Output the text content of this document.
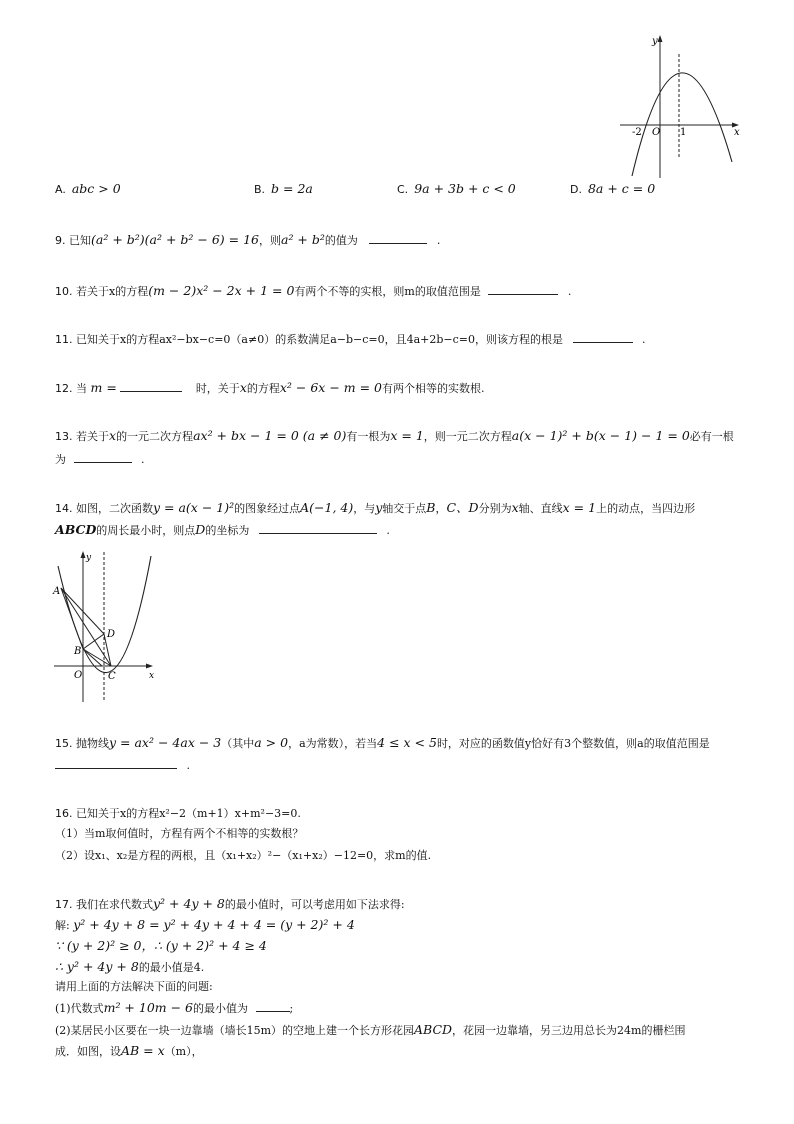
y
x
O
-2	1
A. abc > 0	B. b = 2a	C. 9a + 3b + c < 0	D. 8a + c = 0
9. 已知(a² + b²)(a² + b² − 6) = 16，则a² + b²的值为	.
10. 若关于x的方程(m − 2)x² − 2x + 1 = 0有两个不等的实根，则m的取值范围是	.
11. 已知关于x的方程ax²−bx−c=0（a≠0）的系数满足a−b−c=0，且4a+2b−c=0，则该方程的根是	.
12. 当 m =	时，关于x的方程x² − 6x − m = 0有两个相等的实数根.
13. 若关于x的一元二次方程ax² + bx − 1 = 0 (a ≠ 0)有一根为x = 1，则一元二次方程a(x − 1)² + b(x − 1) − 1 = 0必有一根
为	.
14. 如图，二次函数y = a(x − 1)²的图象经过点A(−1, 4)，与y轴交于点B，C、D分别为x轴、直线x = 1上的动点，当四边形
ABCD的周长最小时，则点D的坐标为	.
y
x
O
A
B
C
D
15. 抛物线y = ax² − 4ax − 3（其中a > 0，a为常数），若当4 ≤ x < 5时，对应的函数值y恰好有3个整数值，则a的取值范围是
.
16. 已知关于x的方程x²−2（m+1）x+m²−3=0.
（1）当m取何值时，方程有两个不相等的实数根？
（2）设x₁、x₂是方程的两根，且（x₁+x₂）²−（x₁+x₂）−12=0，求m的值.
17. 我们在求代数式y² + 4y + 8的最小值时，可以考虑用如下法求得:
解: y² + 4y + 8 = y² + 4y + 4 + 4 = (y + 2)² + 4
∵ (y + 2)² ≥ 0，∴ (y + 2)² + 4 ≥ 4
∴ y² + 4y + 8的最小值是4.
请用上面的方法解决下面的问题:
(1)代数式m² + 10m − 6的最小值为	;
(2)某居民小区要在一块一边靠墙（墙长15m）的空地上建一个长方形花园ABCD，花园一边靠墙，另三边用总长为24m的栅栏围
成．如图，设AB = x（m），
